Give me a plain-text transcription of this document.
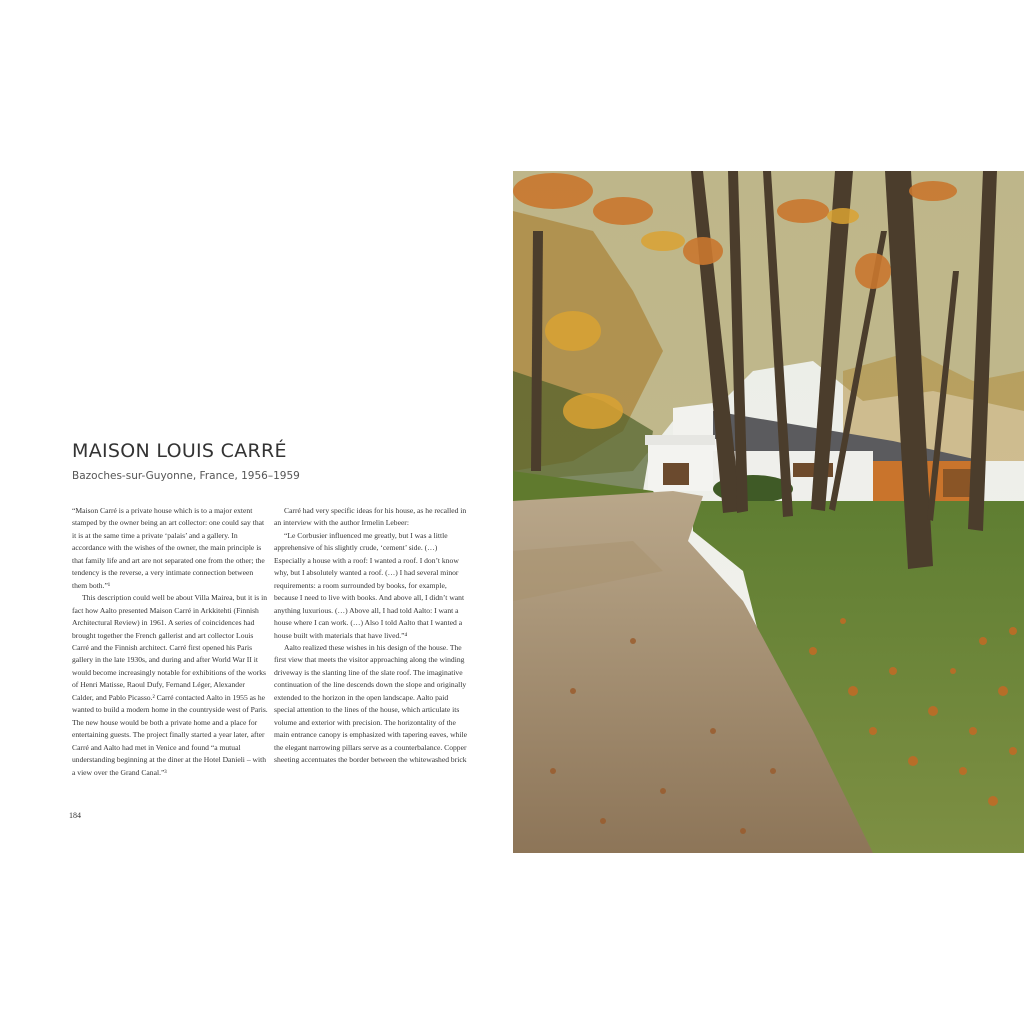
MAISON LOUIS CARRÉ
Bazoches-sur-Guyonne, France, 1956–1959

“Maison Carré is a private house which is to a major extent stamped by the owner being an art collector: one could say that it is at the same time a private ‘palais’ and a gallery. In accordance with the wishes of the owner, the main principle is that family life and art are not separated one from the other; the tendency is the reverse, a very intimate connection between them both.”¹

This description could well be about Villa Mairea, but it is in fact how Aalto presented Maison Carré in Arkkitehti (Finnish Architectural Review) in 1961. A series of coincidences had brought together the French gallerist and art collector Louis Carré and the Finnish architect. Carré first opened his Paris gallery in the late 1930s, and during and after World War II it would become increasingly notable for exhibitions of the works of Henri Matisse, Raoul Dufy, Fernand Léger, Alexander Calder, and Pablo Picasso.² Carré contacted Aalto in 1955 as he wanted to build a modern home in the countryside west of Paris. The new house would be both a private home and a place for entertaining guests. The project finally started a year later, after Carré and Aalto had met in Venice and found “a mutual understanding beginning at the diner at the Hotel Danieli – with a view over the Grand Canal.”³

Carré had very specific ideas for his house, as he recalled in an interview with the author Irmelin Lebeer:

“Le Corbusier influenced me greatly, but I was a little apprehensive of his slightly crude, ‘cement’ side. (…) Especially a house with a roof: I wanted a roof. I don’t know why, but I absolutely wanted a roof. (…) I had several minor requirements: a room surrounded by books, for example, because I need to live with books. And above all, I didn’t want anything luxurious. (…) Above all, I had told Aalto: I want a house where I can work. (…) Also I told Aalto that I wanted a house built with materials that have lived.”⁴

Aalto realized these wishes in his design of the house. The first view that meets the visitor approaching along the winding driveway is the slanting line of the slate roof. The imaginative continuation of the line descends down the slope and originally extended to the horizon in the open landscape. Aalto paid special attention to the lines of the house, which articulate its volume and exterior with precision. The horizontality of the main entrance canopy is emphasized with tapering eaves, while the elegant narrowing pillars serve as a counterbalance. Copper sheeting accentuates the border between the whitewashed brick

184
